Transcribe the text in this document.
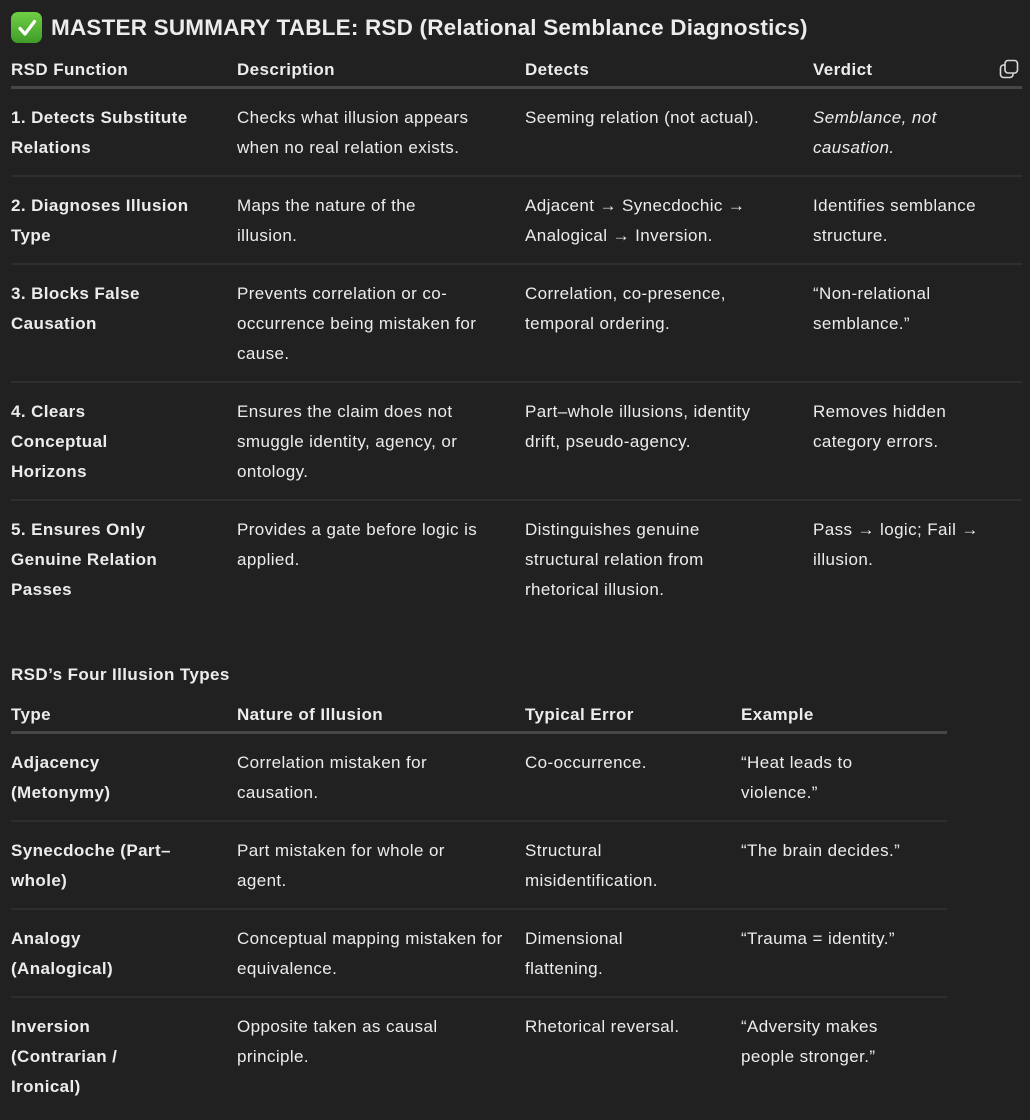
MASTER SUMMARY TABLE: RSD (Relational Semblance Diagnostics)
RSD Function	Description	Detects	Verdict
1. Detects Substitute Relations	Checks what illusion appears when no real relation exists.	Seeming relation (not actual).	Semblance, not causation.
2. Diagnoses Illusion Type	Maps the nature of the illusion.	Adjacent → Synecdochic → Analogical → Inversion.	Identifies semblance structure.
3. Blocks False Causation	Prevents correlation or co-occurrence being mistaken for cause.	Correlation, co-presence, temporal ordering.	“Non-relational semblance.”
4. Clears Conceptual Horizons	Ensures the claim does not smuggle identity, agency, or ontology.	Part–whole illusions, identity drift, pseudo-agency.	Removes hidden category errors.
5. Ensures Only Genuine Relation Passes	Provides a gate before logic is applied.	Distinguishes genuine structural relation from rhetorical illusion.	Pass → logic; Fail → illusion.
RSD’s Four Illusion Types
Type	Nature of Illusion	Typical Error	Example
Adjacency (Metonymy)	Correlation mistaken for causation.	Co-occurrence.	“Heat leads to violence.”
Synecdoche (Part–whole)	Part mistaken for whole or agent.	Structural misidentification.	“The brain decides.”
Analogy (Analogical)	Conceptual mapping mistaken for equivalence.	Dimensional flattening.	“Trauma = identity.”
Inversion (Contrarian / Ironical)	Opposite taken as causal principle.	Rhetorical reversal.	“Adversity makes people stronger.”
